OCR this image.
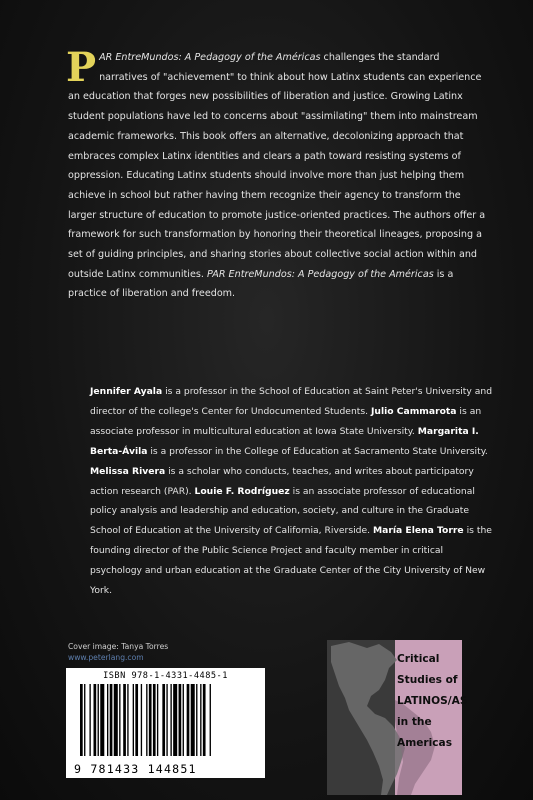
PAR EntreMundos: A Pedagogy of the Américas challenges the standard narratives of "achievement" to think about how Latinx students can experience an education that forges new possibilities of liberation and justice. Growing Latinx student populations have led to concerns about "assimilating" them into mainstream academic frameworks. This book offers an alternative, decolonizing approach that embraces complex Latinx identities and clears a path toward resisting systems of oppression. Educating Latinx students should involve more than just helping them achieve in school but rather having them recognize their agency to transform the larger structure of education to promote justice-oriented practices. The authors offer a framework for such transformation by honoring their theoretical lineages, proposing a set of guiding principles, and sharing stories about collective social action within and outside Latinx communities. PAR EntreMundos: A Pedagogy of the Américas is a practice of liberation and freedom.
Jennifer Ayala is a professor in the School of Education at Saint Peter's University and director of the college's Center for Undocumented Students. Julio Cammarota is an associate professor in multicultural education at Iowa State University. Margarita I. Berta-Ávila is a professor in the College of Education at Sacramento State University. Melissa Rivera is a scholar who conducts, teaches, and writes about participatory action research (PAR). Louie F. Rodríguez is an associate professor of educational policy analysis and leadership and education, society, and culture in the Graduate School of Education at the University of California, Riverside. María Elena Torre is the founding director of the Public Science Project and faculty member in critical psychology and urban education at the Graduate Center of the City University of New York.
Cover image: Tanya Torres
www.peterlang.com
ISBN 978-1-4331-4485-1
9 781433 144851
Critical
Studies of
LATINOS/AS
in the
Americas
